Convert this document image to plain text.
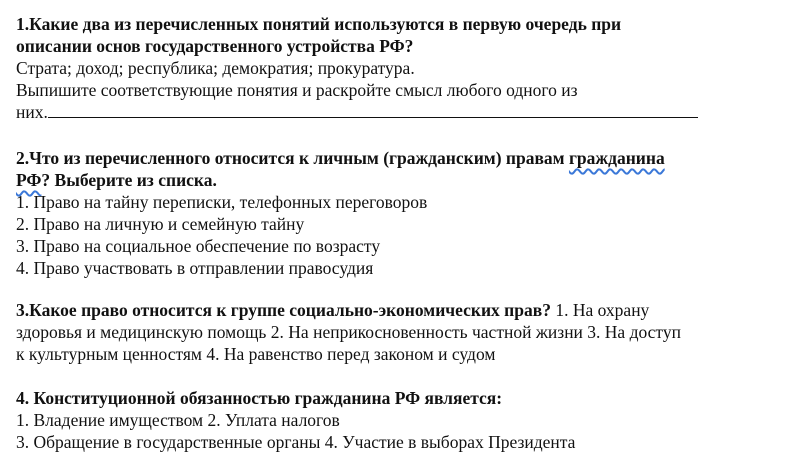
1.Какие два из перечисленных понятий используются в первую очередь при
описании основ государственного устройства РФ?
Страта; доход; республика; демократия; прокуратура.
Выпишите соответствующие понятия и раскройте смысл любого одного из
них.
2.Что из перечисленного относится к личным (гражданским) правам гражданина
РФ? Выберите из списка.
1. Право на тайну переписки, телефонных переговоров
2. Право на личную и семейную тайну
3. Право на социальное обеспечение по возрасту
4. Право участвовать в отправлении правосудия
3.Какое право относится к группе социально-экономических прав? 1. На охрану
здоровья и медицинскую помощь 2. На неприкосновенность частной жизни 3. На доступ
к культурным ценностям 4. На равенство перед законом и судом
4. Конституционной обязанностью гражданина РФ является:
1. Владение имуществом 2. Уплата налогов
3. Обращение в государственные органы 4. Участие в выборах Президента
